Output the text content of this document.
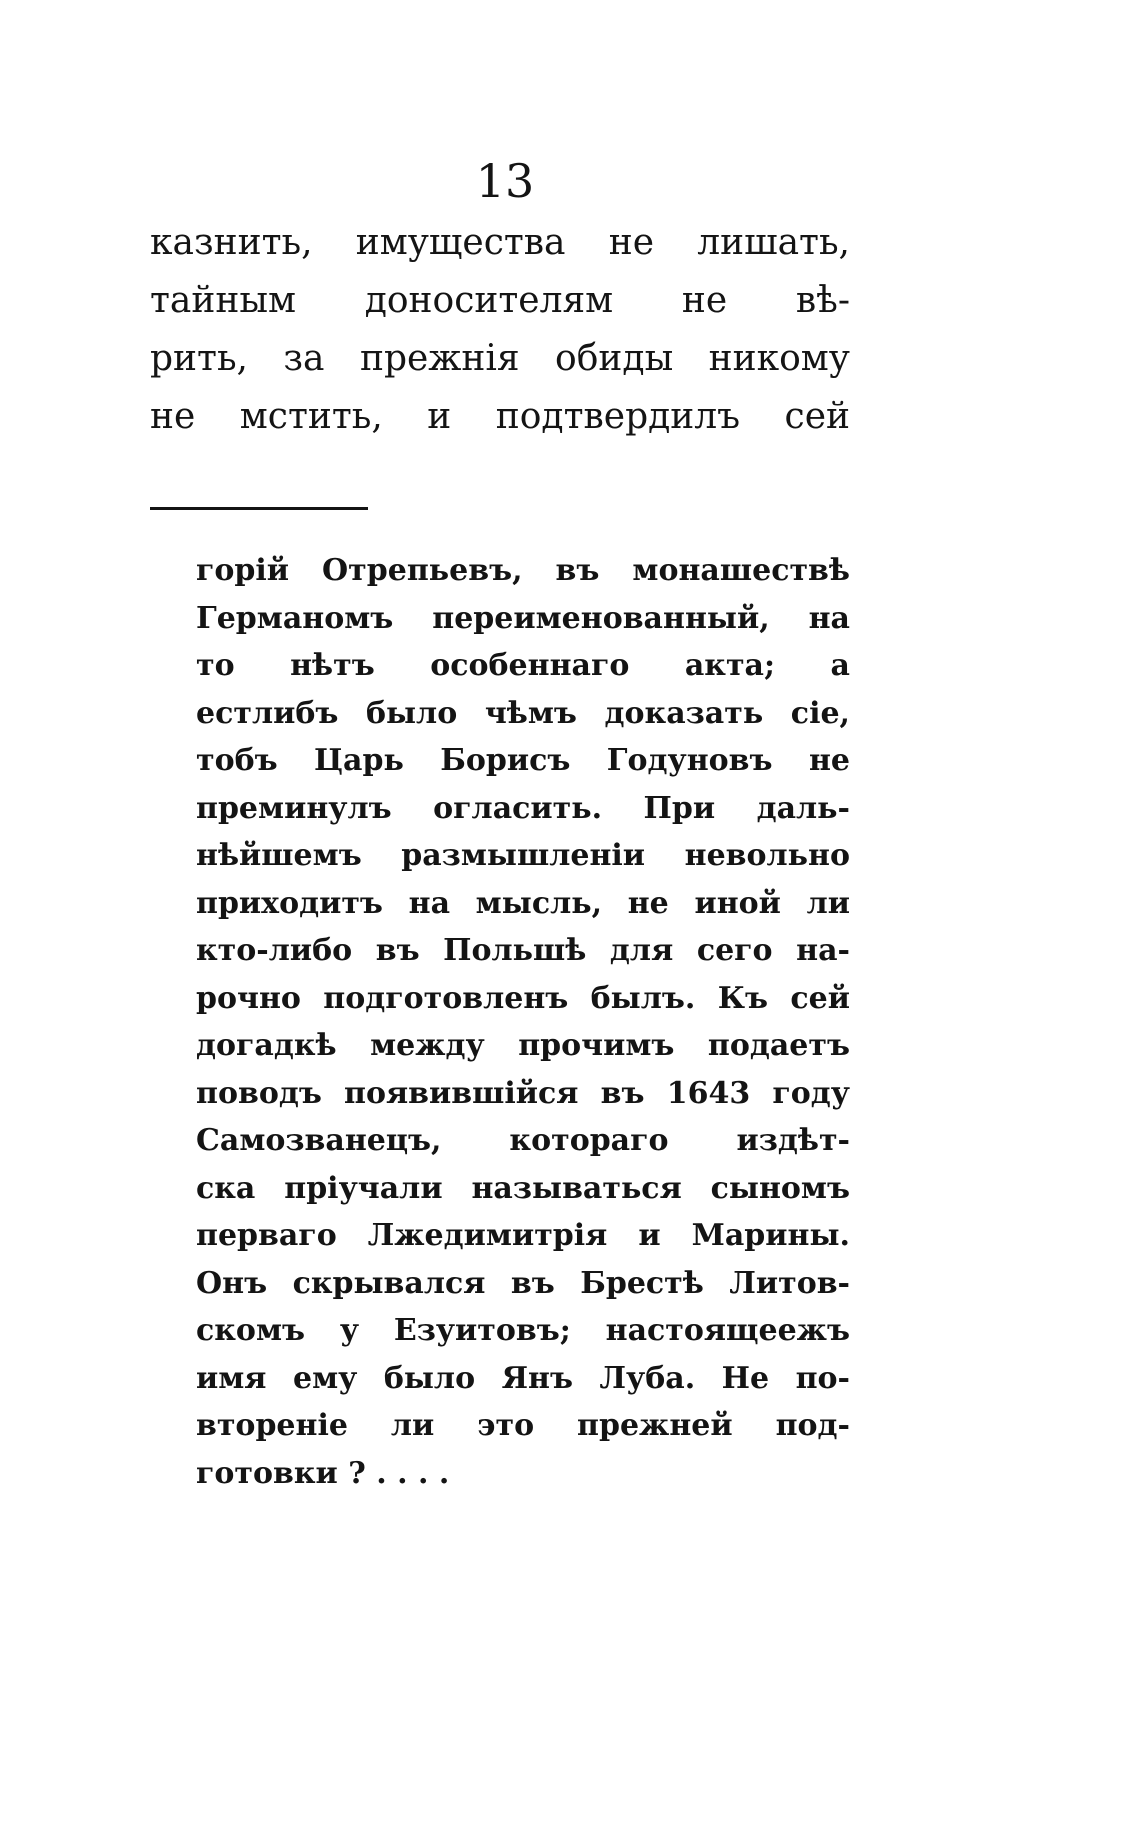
13
казнить, имущества не лишать,
тайным доносителям не вѣ-
рить, за прежнія обиды никому
не мстить, и подтвердилъ сей
горій Отрепьевъ, въ монашествѣ
Германомъ переименованный, на
то нѣтъ особеннаго акта; а
естлибъ было чѣмъ доказать сіе,
тобъ Царь Борисъ Годуновъ не
преминулъ огласить. При даль-
нѣйшемъ размышленіи невольно
приходитъ на мысль, не иной ли
кто-либо въ Польшѣ для сего на-
рочно подготовленъ былъ. Къ сей
догадкѣ между прочимъ подаетъ
поводъ появившійся въ 1643 году
Самозванецъ, котораго издѣт-
ска пріучали называться сыномъ
перваго Лжедимитрія и Марины.
Онъ скрывался въ Брестѣ Литов-
скомъ у Езуитовъ; настоящеежъ
имя ему было Янъ Луба. Не по-
втореніе ли это прежней под-
готовки ? . . . .
